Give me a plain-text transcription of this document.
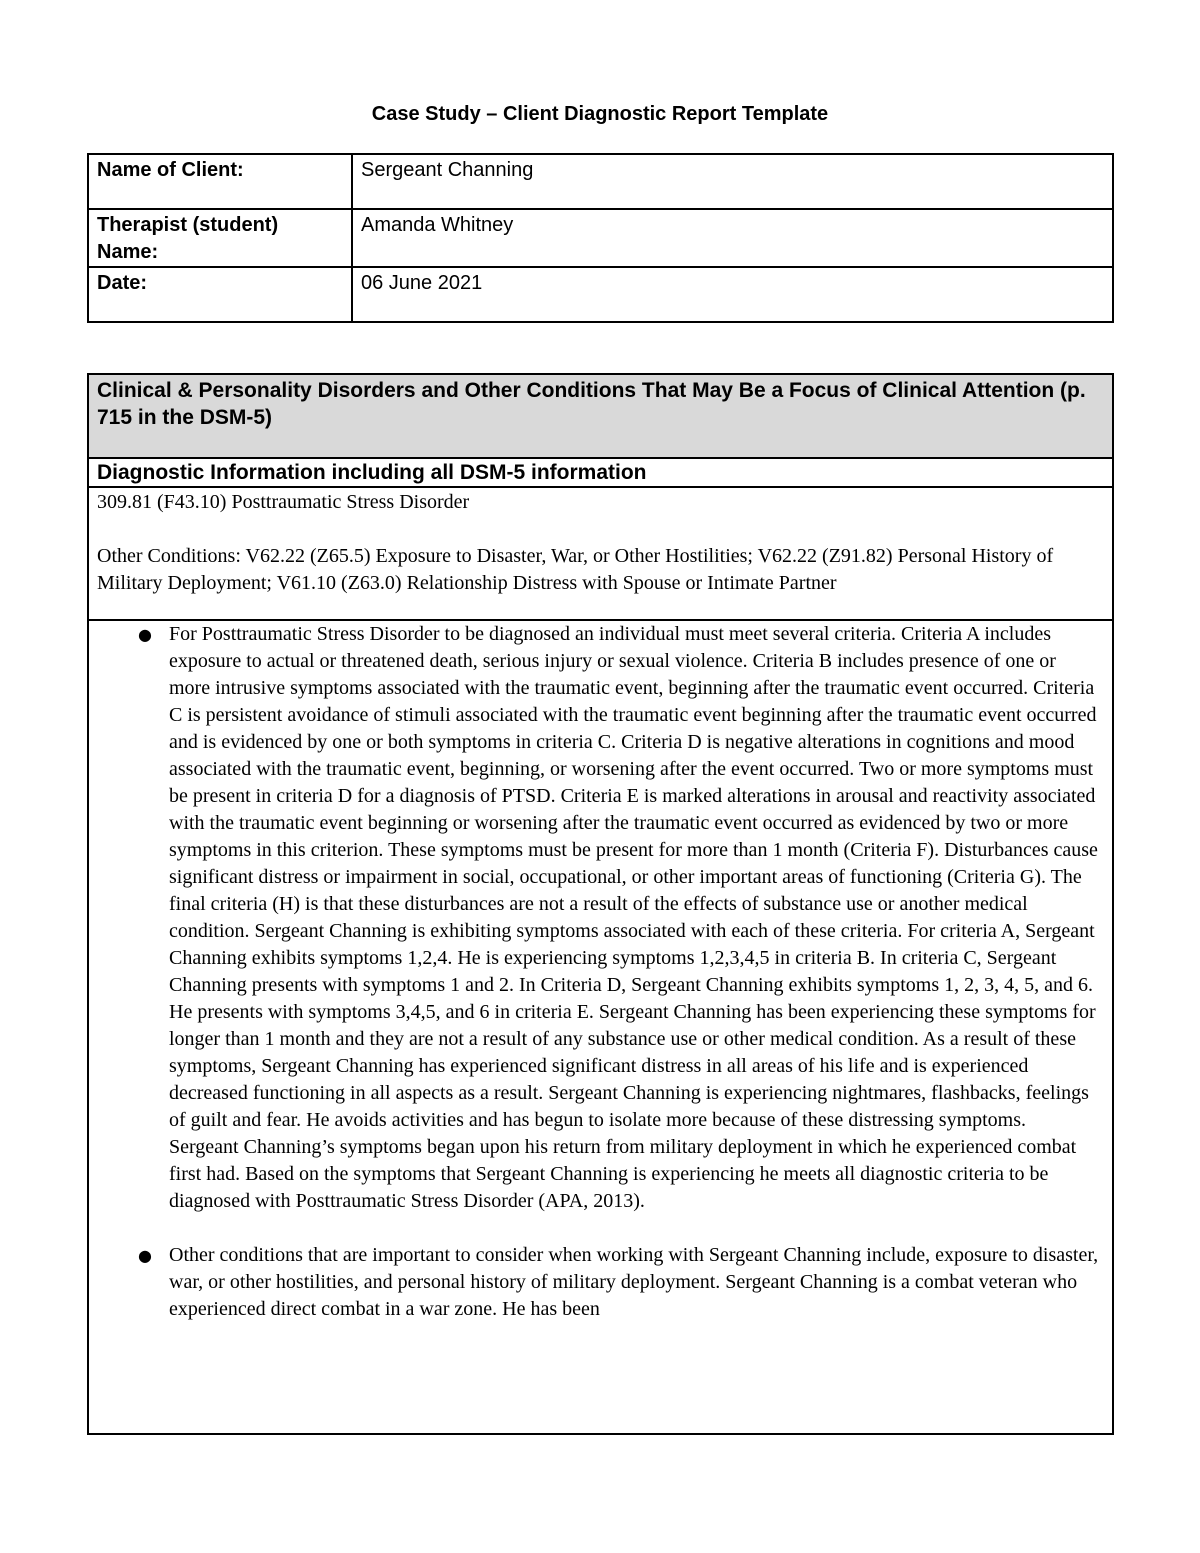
Case Study – Client Diagnostic Report Template
Name of Client:	Sergeant Channing
Therapist (student) Name:	Amanda Whitney
Date:	06 June 2021
Clinical & Personality Disorders and Other Conditions That May Be a Focus of Clinical Attention (p. 715 in the DSM-5)
Diagnostic Information including all DSM-5 information

309.81 (F43.10) Posttraumatic Stress Disorder

Other Conditions: V62.22 (Z65.5) Exposure to Disaster, War, or Other Hostilities; V62.22 (Z91.82) Personal History of Military Deployment; V61.10 (Z63.0) Relationship Distress with Spouse or Intimate Partner

● For Posttraumatic Stress Disorder to be diagnosed an individual must meet several criteria. Criteria A includes exposure to actual or threatened death, serious injury or sexual violence. Criteria B includes presence of one or more intrusive symptoms associated with the traumatic event, beginning after the traumatic event occurred. Criteria C is persistent avoidance of stimuli associated with the traumatic event beginning after the traumatic event occurred and is evidenced by one or both symptoms in criteria C. Criteria D is negative alterations in cognitions and mood associated with the traumatic event, beginning, or worsening after the event occurred. Two or more symptoms must be present in criteria D for a diagnosis of PTSD. Criteria E is marked alterations in arousal and reactivity associated with the traumatic event beginning or worsening after the traumatic event occurred as evidenced by two or more symptoms in this criterion. These symptoms must be present for more than 1 month (Criteria F). Disturbances cause significant distress or impairment in social, occupational, or other important areas of functioning (Criteria G). The final criteria (H) is that these disturbances are not a result of the effects of substance use or another medical condition. Sergeant Channing is exhibiting symptoms associated with each of these criteria. For criteria A, Sergeant Channing exhibits symptoms 1,2,4. He is experiencing symptoms 1,2,3,4,5 in criteria B. In criteria C, Sergeant Channing presents with symptoms 1 and 2. In Criteria D, Sergeant Channing exhibits symptoms 1, 2, 3, 4, 5, and 6. He presents with symptoms 3,4,5, and 6 in criteria E. Sergeant Channing has been experiencing these symptoms for longer than 1 month and they are not a result of any substance use or other medical condition. As a result of these symptoms, Sergeant Channing has experienced significant distress in all areas of his life and is experienced decreased functioning in all aspects as a result. Sergeant Channing is experiencing nightmares, flashbacks, feelings of guilt and fear. He avoids activities and has begun to isolate more because of these distressing symptoms. Sergeant Channing’s symptoms began upon his return from military deployment in which he experienced combat first had. Based on the symptoms that Sergeant Channing is experiencing he meets all diagnostic criteria to be diagnosed with Posttraumatic Stress Disorder (APA, 2013).
● Other conditions that are important to consider when working with Sergeant Channing include, exposure to disaster, war, or other hostilities, and personal history of military deployment. Sergeant Channing is a combat veteran who experienced direct combat in a war zone. He has been
